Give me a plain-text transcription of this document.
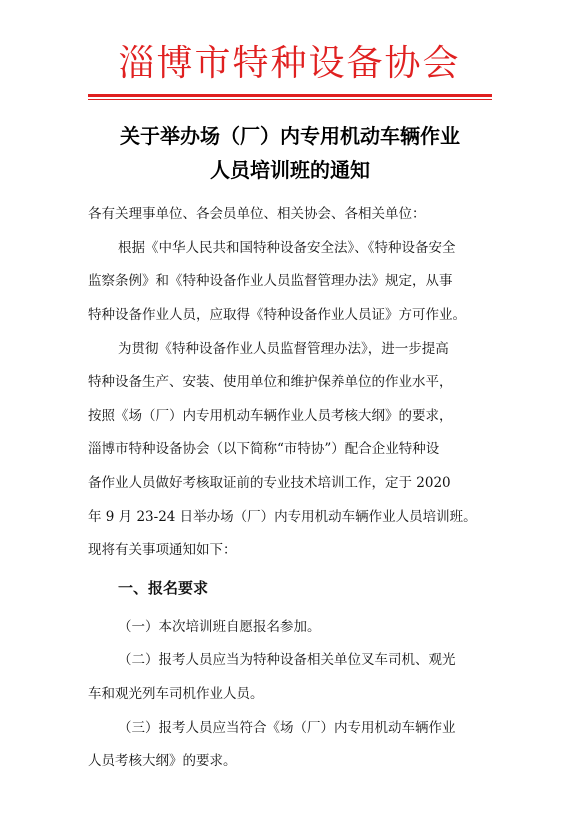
淄博市特种设备协会
关于举办场（厂）内专用机动车辆作业
人员培训班的通知
各有关理事单位、各会员单位、相关协会、各相关单位：
根据《中华人民共和国特种设备安全法》、《特种设备安全
监察条例》和《特种设备作业人员监督管理办法》规定，从事
特种设备作业人员，应取得《特种设备作业人员证》方可作业。
为贯彻《特种设备作业人员监督管理办法》，进一步提高
特种设备生产、安装、使用单位和维护保养单位的作业水平，
按照《场（厂）内专用机动车辆作业人员考核大纲》的要求，
淄博市特种设备协会（以下简称“市特协”）配合企业特种设
备作业人员做好考核取证前的专业技术培训工作，定于 2020
年 9 月 23-24 日举办场（厂）内专用机动车辆作业人员培训班。
现将有关事项通知如下：
一、报名要求
（一）本次培训班自愿报名参加。
（二）报考人员应当为特种设备相关单位叉车司机、观光
车和观光列车司机作业人员。
（三）报考人员应当符合《场（厂）内专用机动车辆作业
人员考核大纲》的要求。
